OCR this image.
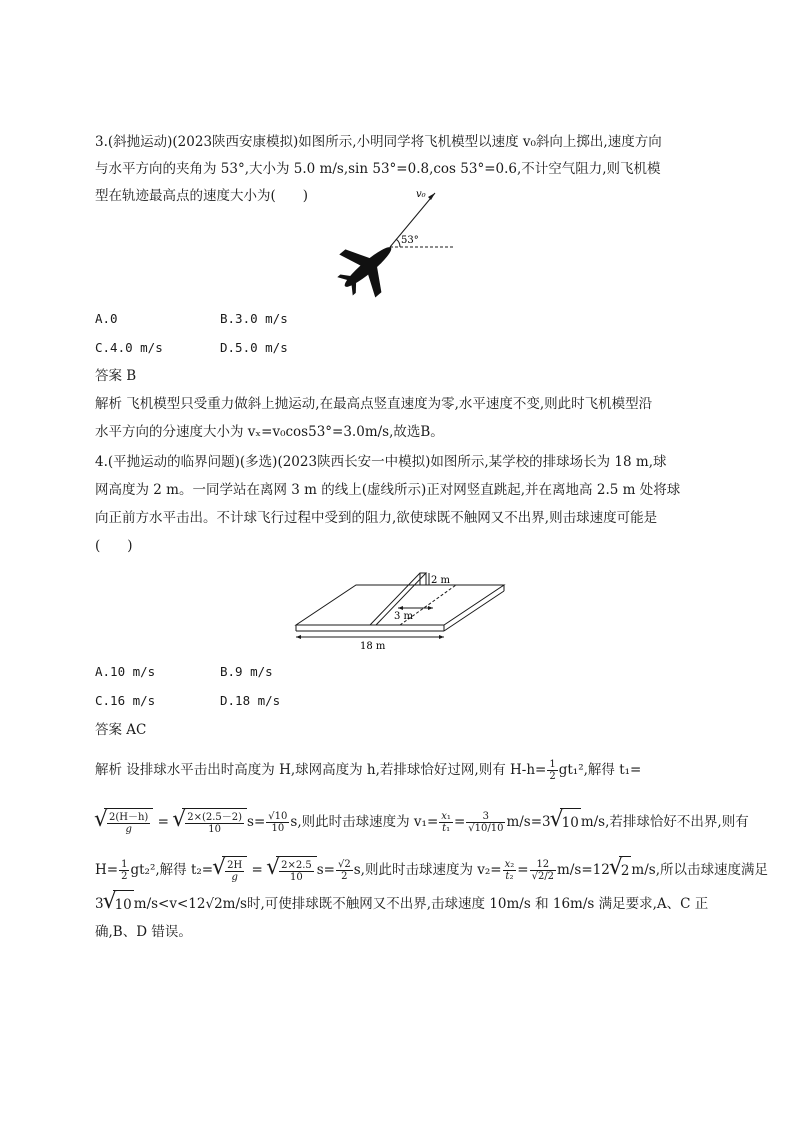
3.(斜抛运动)(2023陕西安康模拟)如图所示,小明同学将飞机模型以速度 v₀斜向上掷出,速度方向
与水平方向的夹角为 53°,大小为 5.0 m/s,sin 53°=0.8,cos 53°=0.6,不计空气阻力,则飞机模
型在轨迹最高点的速度大小为(　　)	v₀
53°
A.0	B.3.0 m/s
C.4.0 m/s	D.5.0 m/s
答案 B
解析 飞机模型只受重力做斜上抛运动,在最高点竖直速度为零,水平速度不变,则此时飞机模型沿
水平方向的分速度大小为 vₓ=v₀cos53°=3.0m/s,故选B。
4.(平抛运动的临界问题)(多选)(2023陕西长安一中模拟)如图所示,某学校的排球场长为 18 m,球
网高度为 2 m。一同学站在离网 3 m 的线上(虚线所示)正对网竖直跳起,并在离地高 2.5 m 处将球
向正前方水平击出。不计球飞行过程中受到的阻力,欲使球既不触网又不出界,则击球速度可能是
(　　)
2 m
3 m
18 m
A.10 m/s	B.9 m/s
C.16 m/s	D.18 m/s
答案 AC
解析 设排球水平击出时高度为 H,球网高度为 h,若排球恰好过网,则有 $H-h= \frac{1}{2} gt_1^2$,解得 t₁=
√ $\frac{2(H-h)}{g}$ =
√ $\frac{2\times(2.5-2)}{10} s= \frac{√10}{10} s$,则此时击球速度为 $v_1= \frac{\text{x₁}}{\text{t₁}} = \frac{3}{√10/10} m/s=3√$ 10 m/s,若排球恰好不出界,则有
$H= \frac{1}{2} gt_2^2$,解得 t₂=
√ $\frac{2H}{g}$ =
√ $\frac{2\times 2.5}{10} s= \frac{√2}{2} s$,则此时击球速度为 $v_2= \frac{\text{x₂}}{\text{t₂}} = \frac{12}{√2/2} m/s=12√$ 2 m/s,所以击球速度满足
3√ 10 m/s<v<12√2m/s时,可使排球既不触网又不出界,击球速度 10m/s 和 16m/s 满足要求,A、C 正
确,B、D 错误。
